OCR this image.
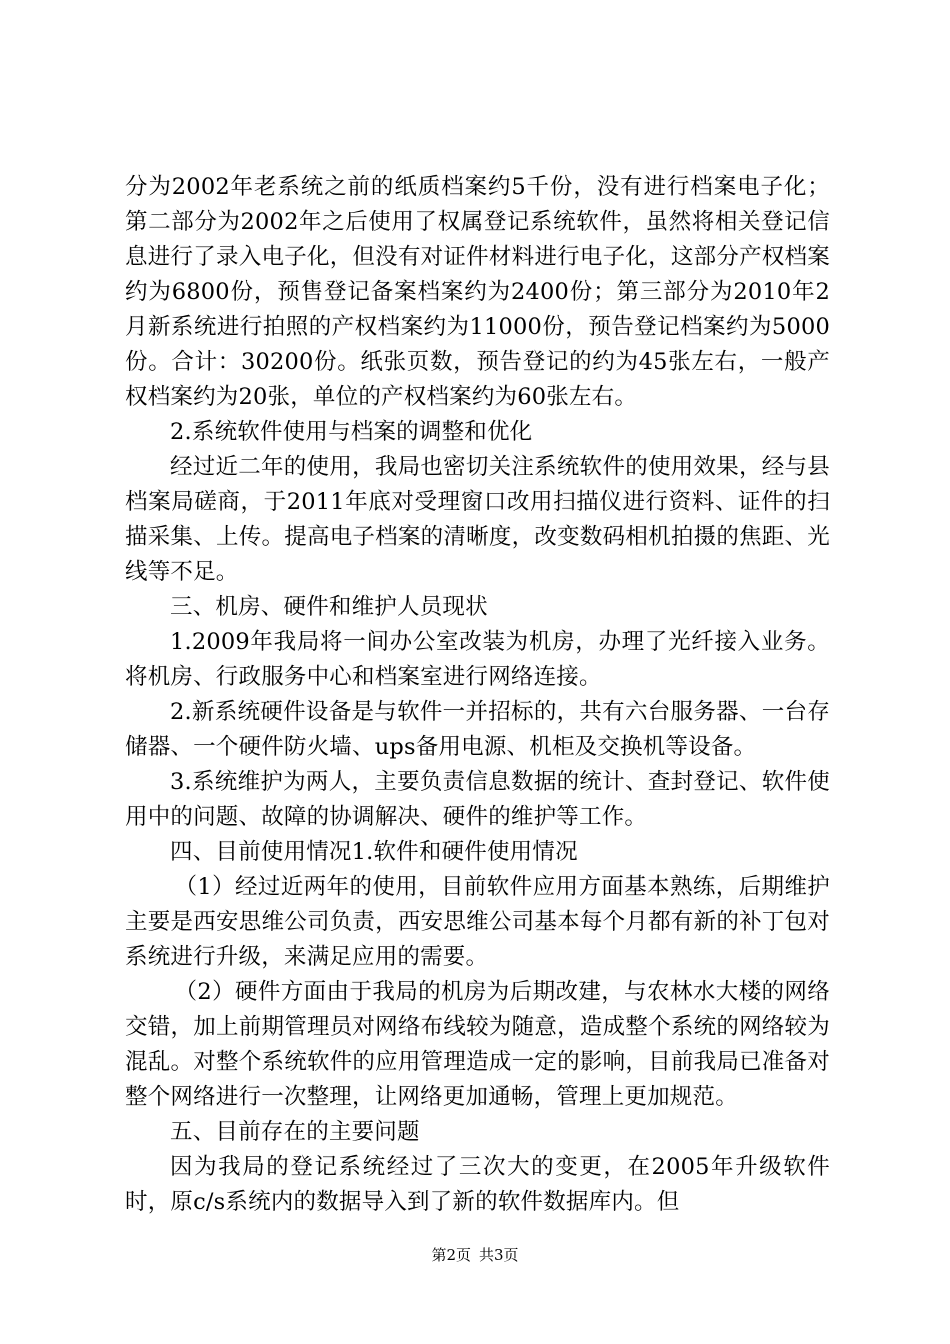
分为2002年老系统之前的纸质档案约5千份，没有进行档案电子化；第二部分为2002年之后使用了权属登记系统软件，虽然将相关登记信息进行了录入电子化，但没有对证件材料进行电子化，这部分产权档案约为6800份，预售登记备案档案约为2400份；第三部分为2010年2月新系统进行拍照的产权档案约为11000份，预告登记档案约为5000份。合计：30200份。纸张页数，预告登记的约为45张左右，一般产权档案约为20张，单位的产权档案约为60张左右。

2.系统软件使用与档案的调整和优化

经过近二年的使用，我局也密切关注系统软件的使用效果，经与县档案局磋商，于2011年底对受理窗口改用扫描仪进行资料、证件的扫描采集、上传。提高电子档案的清晰度，改变数码相机拍摄的焦距、光线等不足。

三、机房、硬件和维护人员现状

1.2009年我局将一间办公室改装为机房，办理了光纤接入业务。将机房、行政服务中心和档案室进行网络连接。

2.新系统硬件设备是与软件一并招标的，共有六台服务器、一台存储器、一个硬件防火墙、ups备用电源、机柜及交换机等设备。

3.系统维护为两人，主要负责信息数据的统计、查封登记、软件使用中的问题、故障的协调解决、硬件的维护等工作。

四、目前使用情况1.软件和硬件使用情况

（1）经过近两年的使用，目前软件应用方面基本熟练，后期维护主要是西安思维公司负责，西安思维公司基本每个月都有新的补丁包对系统进行升级，来满足应用的需要。

（2）硬件方面由于我局的机房为后期改建，与农林水大楼的网络交错，加上前期管理员对网络布线较为随意，造成整个系统的网络较为混乱。对整个系统软件的应用管理造成一定的影响，目前我局已准备对整个网络进行一次整理，让网络更加通畅，管理上更加规范。

五、目前存在的主要问题

因为我局的登记系统经过了三次大的变更，在2005年升级软件时，原c/s系统内的数据导入到了新的软件数据库内。但

第2页 共3页
